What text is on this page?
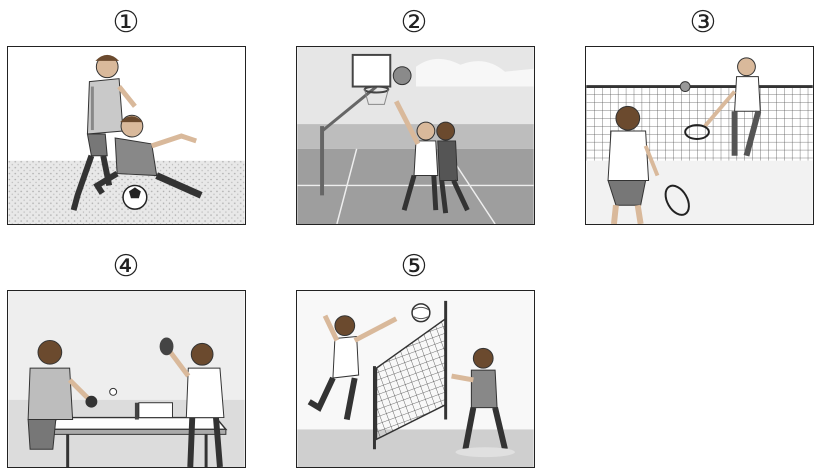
①	②	③
④	⑤
